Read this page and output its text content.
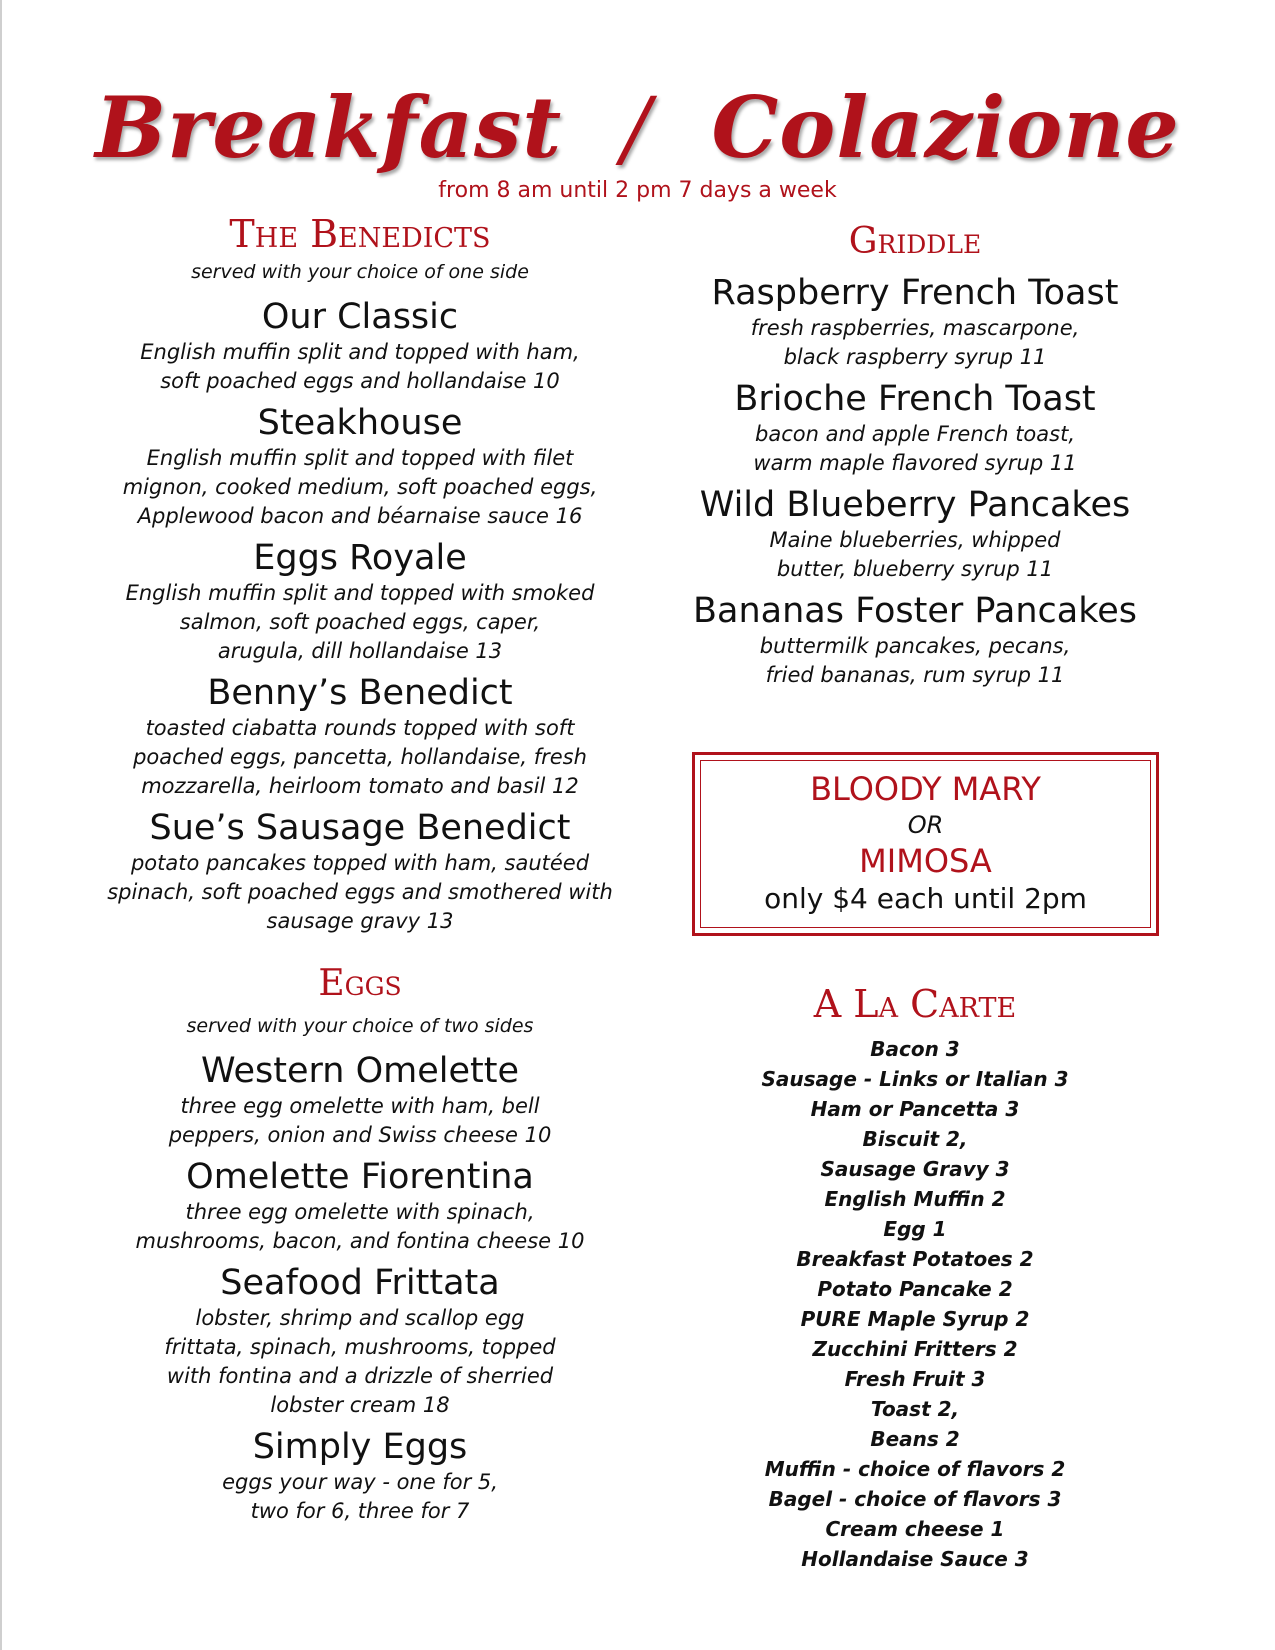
Breakfast / Colazione
from 8 am until 2 pm 7 days a week
The Benedicts
served with your choice of one side
Our Classic
English muffin split and topped with ham,
soft poached eggs and hollandaise 10
Steakhouse
English muffin split and topped with filet
mignon, cooked medium, soft poached eggs,
Applewood bacon and béarnaise sauce 16
Eggs Royale
English muffin split and topped with smoked
salmon, soft poached eggs, caper,
arugula, dill hollandaise 13
Benny’s Benedict
toasted ciabatta rounds topped with soft
poached eggs, pancetta, hollandaise, fresh
mozzarella, heirloom tomato and basil 12
Sue’s Sausage Benedict
potato pancakes topped with ham, sautéed
spinach, soft poached eggs and smothered with
sausage gravy 13
Eggs
served with your choice of two sides
Western Omelette
three egg omelette with ham, bell
peppers, onion and Swiss cheese 10
Omelette Fiorentina
three egg omelette with spinach,
mushrooms, bacon, and fontina cheese 10
Seafood Frittata
lobster, shrimp and scallop egg
frittata, spinach, mushrooms, topped
with fontina and a drizzle of sherried
lobster cream 18
Simply Eggs
eggs your way - one for 5,
two for 6, three for 7
Griddle
Raspberry French Toast
fresh raspberries, mascarpone,
black raspberry syrup 11
Brioche French Toast
bacon and apple French toast,
warm maple flavored syrup 11
Wild Blueberry Pancakes
Maine blueberries, whipped
butter, blueberry syrup 11
Bananas Foster Pancakes
buttermilk pancakes, pecans,
fried bananas, rum syrup 11
BLOODY MARY
OR
MIMOSA
only $4 each until 2pm
A La Carte
Bacon 3
Sausage - Links or Italian 3
Ham or Pancetta 3
Biscuit 2,
Sausage Gravy 3
English Muffin 2
Egg 1
Breakfast Potatoes 2
Potato Pancake 2
PURE Maple Syrup 2
Zucchini Fritters 2
Fresh Fruit 3
Toast 2,
Beans 2
Muffin - choice of flavors 2
Bagel - choice of flavors 3
Cream cheese 1
Hollandaise Sauce 3
